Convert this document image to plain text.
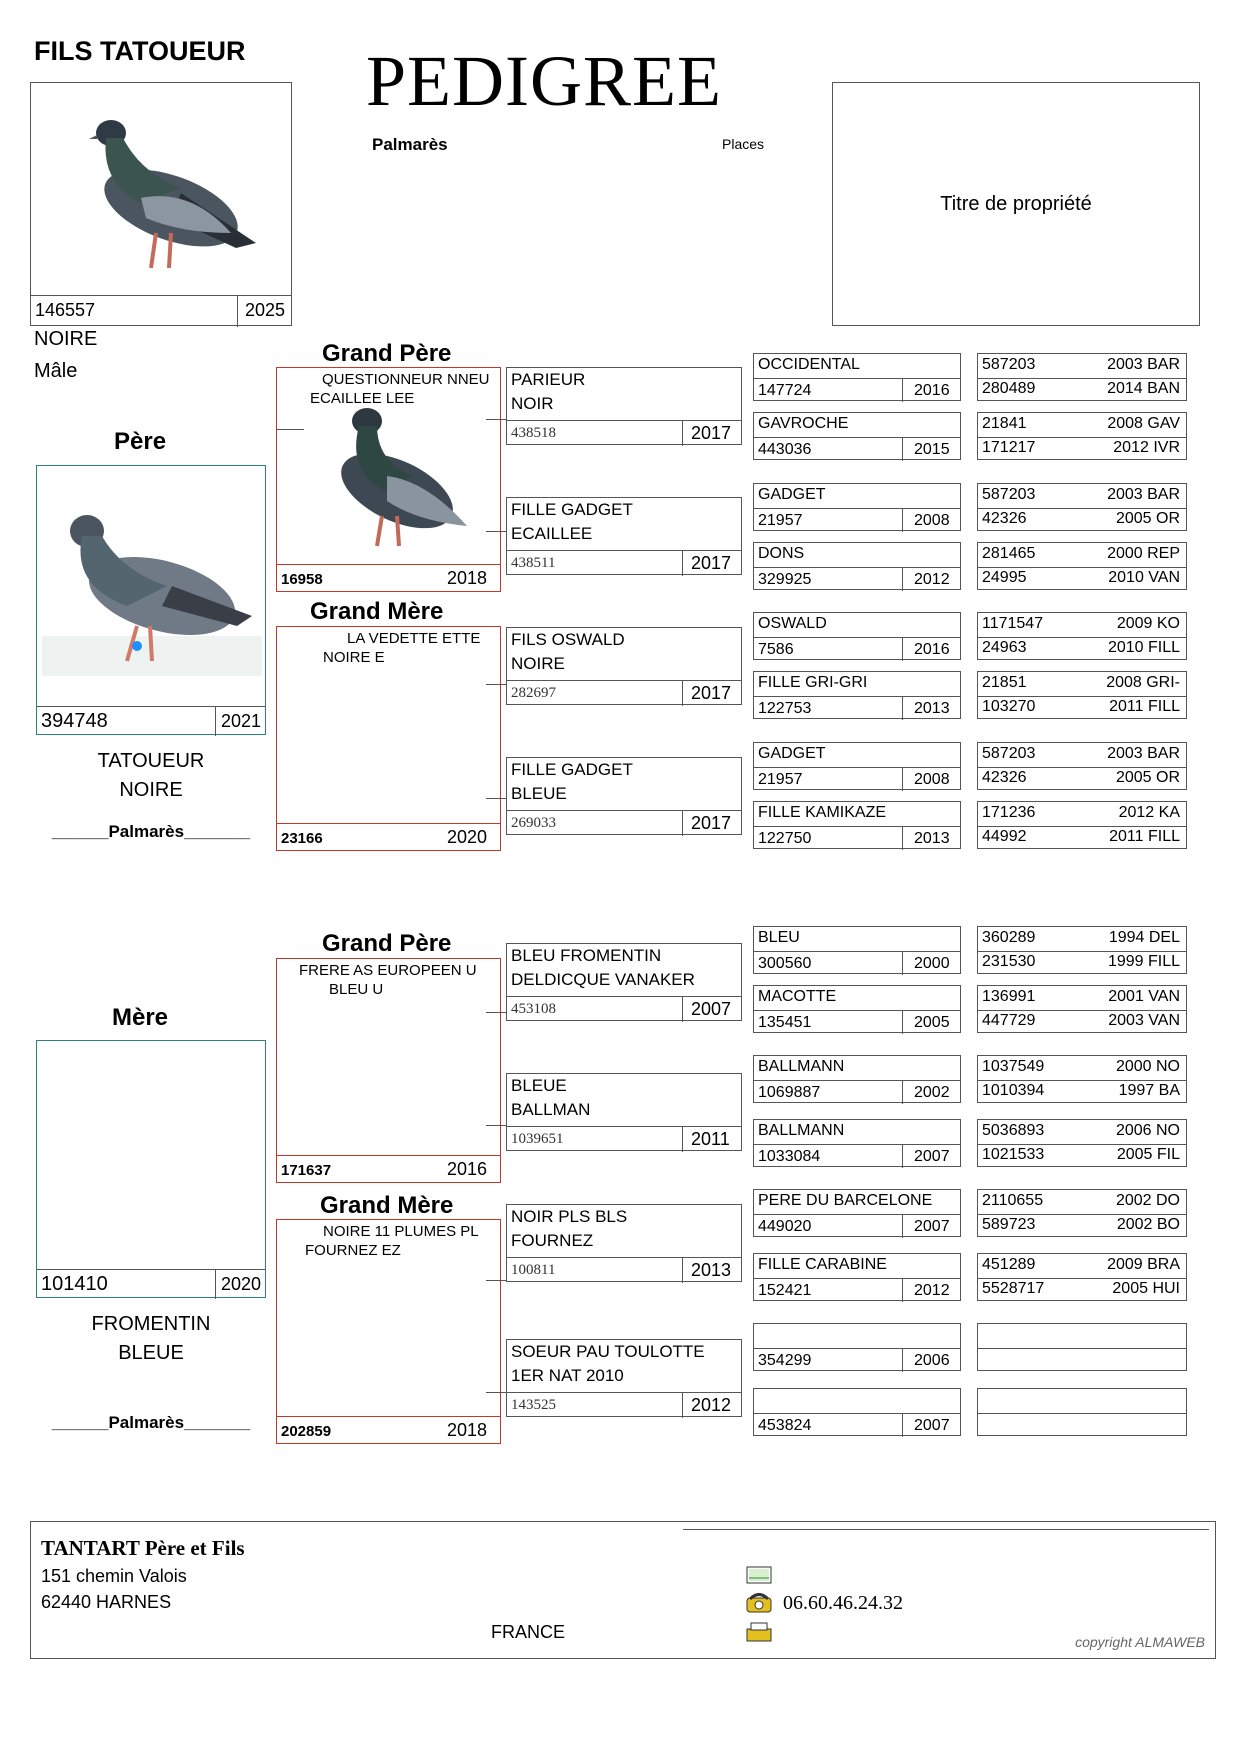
FILS TATOUEUR PEDIGREE
Palmarès	Places
Titre de propriété
146557	2025
NOIRE
Mâle
Père
394748	2021
TATOUEUR
NOIRE
______Palmarès_______
Mère
101410	2020
FROMENTIN
BLEUE
______Palmarès_______
Grand Père
QUESTIONNEUR NNEU
ECAILLEE LEE
16958	2018
Grand Mère
LA VEDETTE ETTE
NOIRE E
23166	2020
Grand Père
FRERE AS EUROPEEN U
BLEU U
171637	2016
Grand Mère
NOIRE 11 PLUMES PL
FOURNEZ EZ
202859	2018
PARIEUR
NOIR
438518	2017
FILLE GADGET
ECAILLEE
438511	2017
FILS OSWALD
NOIRE
282697	2017
FILLE GADGET
BLEUE
269033	2017
BLEU FROMENTIN
DELDICQUE VANAKER
453108	2007
BLEUE
BALLMAN
1039651	2011
NOIR PLS BLS
FOURNEZ
100811	2013
SOEUR PAU TOULOTTE
1ER NAT 2010
143525	2012
OCCIDENTAL
147724	2016
GAVROCHE
443036	2015
GADGET
21957	2008
DONS
329925	2012
OSWALD
7586	2016
FILLE GRI-GRI
122753	2013
GADGET
21957	2008
FILLE KAMIKAZE
122750	2013
BLEU
300560	2000
MACOTTE
135451	2005
BALLMANN
1069887	2002
BALLMANN
1033084	2007
PERE DU BARCELONE
449020	2007
FILLE CARABINE
152421	2012
354299	2006
453824	2007
587203	2003 BAR
280489	2014 BAN
21841	2008 GAV
171217	2012 IVR
587203	2003 BAR
42326	2005 OR
281465	2000 REP
24995	2010 VAN
1171547	2009 KO
24963	2010 FILL
21851	2008 GRI-
103270	2011 FILL
587203	2003 BAR
42326	2005 OR
171236	2012 KA
44992	2011 FILL
360289	1994 DEL
231530	1999 FILL
136991	2001 VAN
447729	2003 VAN
1037549	2000 NO
1010394	1997 BA
5036893	2006 NO
1021533	2005 FIL
2110655	2002 DO
589723	2002 BO
451289	2009 BRA
5528717	2005 HUI
TANTART Père et Fils
151 chemin Valois
62440 HARNES
FRANCE
06.60.46.24.32
copyright ALMAWEB
